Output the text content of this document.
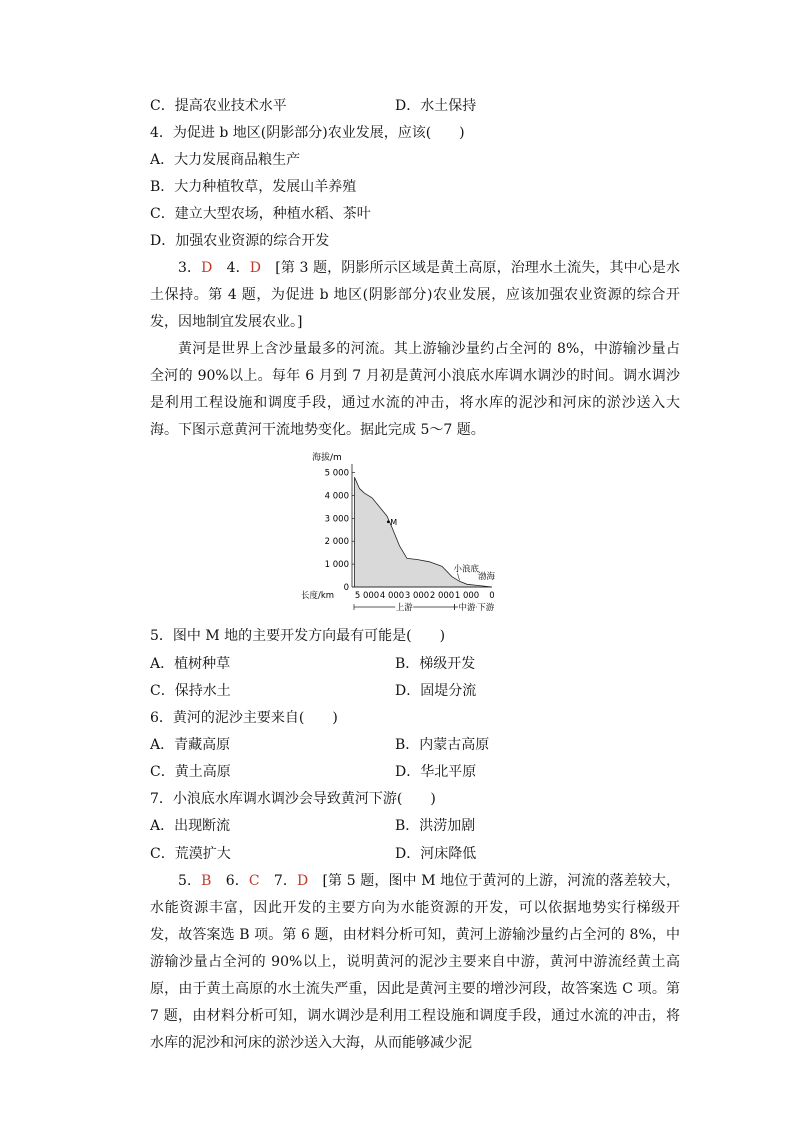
C．提高农业技术水平	D．水土保持
4．为促进 b 地区(阴影部分)农业发展，应该(　　)
A．大力发展商品粮生产
B．大力种植牧草，发展山羊养殖
C．建立大型农场，种植水稻、茶叶
D．加强农业资源的综合开发
3．D　 4．D　 [第 3 题，阴影所示区域是黄土高原，治理水土流失，其中心是水土保持。第 4 题，为促进 b 地区(阴影部分)农业发展，应该加强农业资源的综合开发，因地制宜发展农业。]
黄河是世界上含沙量最多的河流。其上游输沙量约占全河的 8%，中游输沙量占全河的 90%以上。每年 6 月到 7 月初是黄河小浪底水库调水调沙的时间。调水调沙是利用工程设施和调度手段，通过水流的冲击，将水库的泥沙和河床的淤沙送入大海。下图示意黄河干流地势变化。据此完成 5～7 题。
海拔/m
5 000
4 000
3 000
2 000
1 000
0
5 000 4 000 3 000 2 000 1 000 0
长度/km
M
小浪底
渤海
上游	中游 下游
5．图中 M 地的主要开发方向最有可能是(　　)
A．植树种草	B．梯级开发
C．保持水土	D．固堤分流
6．黄河的泥沙主要来自(　　)
A．青藏高原	B．内蒙古高原
C．黄土高原	D．华北平原
7．小浪底水库调水调沙会导致黄河下游(　　)
A．出现断流	B．洪涝加剧
C．荒漠扩大	D．河床降低
5．B　 6．C　 7．D　 [第 5 题，图中 M 地位于黄河的上游，河流的落差较大，水能资源丰富，因此开发的主要方向为水能资源的开发，可以依据地势实行梯级开发，故答案选 B 项。第 6 题，由材料分析可知，黄河上游输沙量约占全河的 8%，中游输沙量占全河的 90%以上，说明黄河的泥沙主要来自中游，黄河中游流经黄土高原，由于黄土高原的水土流失严重，因此是黄河主要的增沙河段，故答案选 C 项。第 7 题，由材料分析可知，调水调沙是利用工程设施和调度手段，通过水流的冲击，将水库的泥沙和河床的淤沙送入大海，从而能够减少泥
